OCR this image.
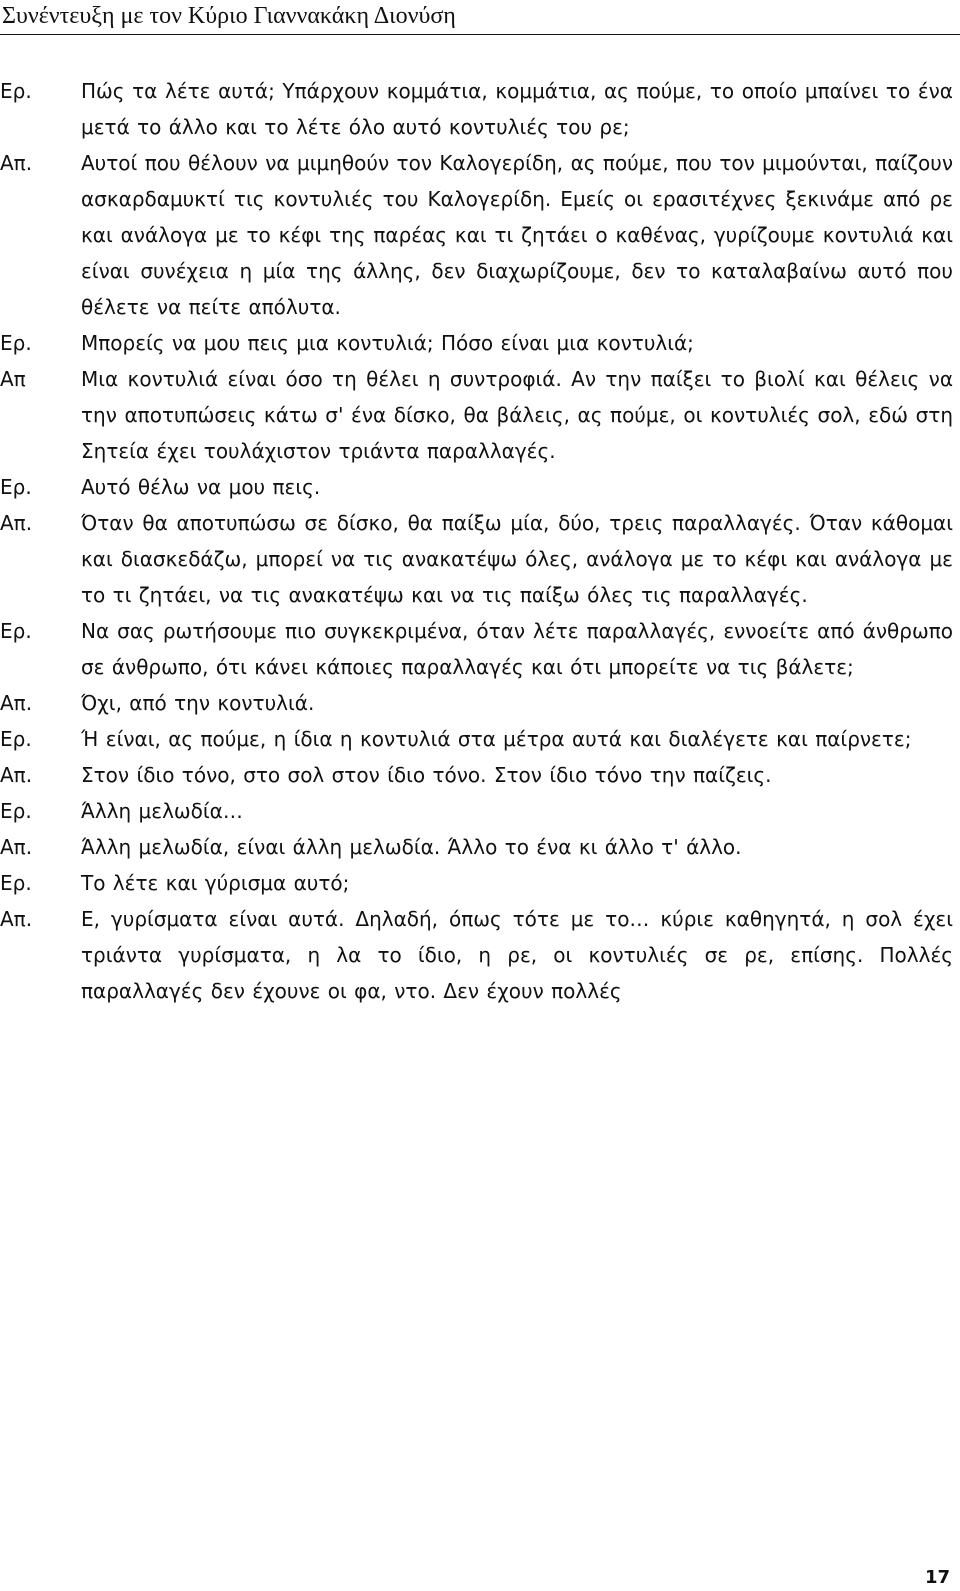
Συνέντευξη με τον Κύριο Γιαννακάκη Διονύση
Ερ.	Πώς τα λέτε αυτά; Υπάρχουν κομμάτια, κομμάτια, ας πούμε, το οποίο μπαίνει το ένα μετά το άλλο και το λέτε όλο αυτό κοντυλιές του ρε;
Απ.	Αυτοί που θέλουν να μιμηθούν τον Καλογερίδη, ας πούμε, που τον μιμούνται, παίζουν ασκαρδαμυκτί τις κοντυλιές του Καλογερίδη. Εμείς οι ερασιτέχνες ξεκινάμε από ρε και ανάλογα με το κέφι της παρέας και τι ζητάει ο καθένας, γυρίζουμε κοντυλιά και είναι συνέχεια η μία της άλλης, δεν διαχωρίζουμε, δεν το καταλαβαίνω αυτό που θέλετε να πείτε απόλυτα.
Ερ.	Μπορείς να μου πεις μια κοντυλιά; Πόσο είναι μια κοντυλιά;
Απ	Μια κοντυλιά είναι όσο τη θέλει η συντροφιά. Αν την παίξει το βιολί και θέλεις να την αποτυπώσεις κάτω σ' ένα δίσκο, θα βάλεις, ας πούμε, οι κοντυλιές σολ, εδώ στη Σητεία έχει τουλάχιστον τριάντα παραλλαγές.
Ερ.	Αυτό θέλω να μου πεις.
Απ.	Όταν θα αποτυπώσω σε δίσκο, θα παίξω μία, δύο, τρεις παραλλαγές. Όταν κάθομαι και διασκεδάζω, μπορεί να τις ανακατέψω όλες, ανάλογα με το κέφι και ανάλογα με το τι ζητάει, να τις ανακατέψω και να τις παίξω όλες τις παραλλαγές.
Ερ.	Να σας ρωτήσουμε πιο συγκεκριμένα, όταν λέτε παραλλαγές, εννοείτε από άνθρωπο σε άνθρωπο, ότι κάνει κάποιες παραλλαγές και ότι μπορείτε να τις βάλετε;
Απ.	Όχι, από την κοντυλιά.
Ερ.	Ή είναι, ας πούμε, η ίδια η κοντυλιά στα μέτρα αυτά και διαλέγετε και παίρνετε;
Απ.	Στον ίδιο τόνο, στο σολ στον ίδιο τόνο. Στον ίδιο τόνο την παίζεις.
Ερ.	Άλλη μελωδία…
Απ.	Άλλη μελωδία, είναι άλλη μελωδία. Άλλο το ένα κι άλλο τ' άλλο.
Ερ.	Το λέτε και γύρισμα αυτό;
Απ.	Ε, γυρίσματα είναι αυτά. Δηλαδή, όπως τότε με το… κύριε καθηγητά, η σολ έχει τριάντα γυρίσματα, η λα το ίδιο, η ρε, οι κοντυλιές σε ρε, επίσης. Πολλές παραλλαγές δεν έχουνε οι φα, ντο. Δεν έχουν πολλές
17
